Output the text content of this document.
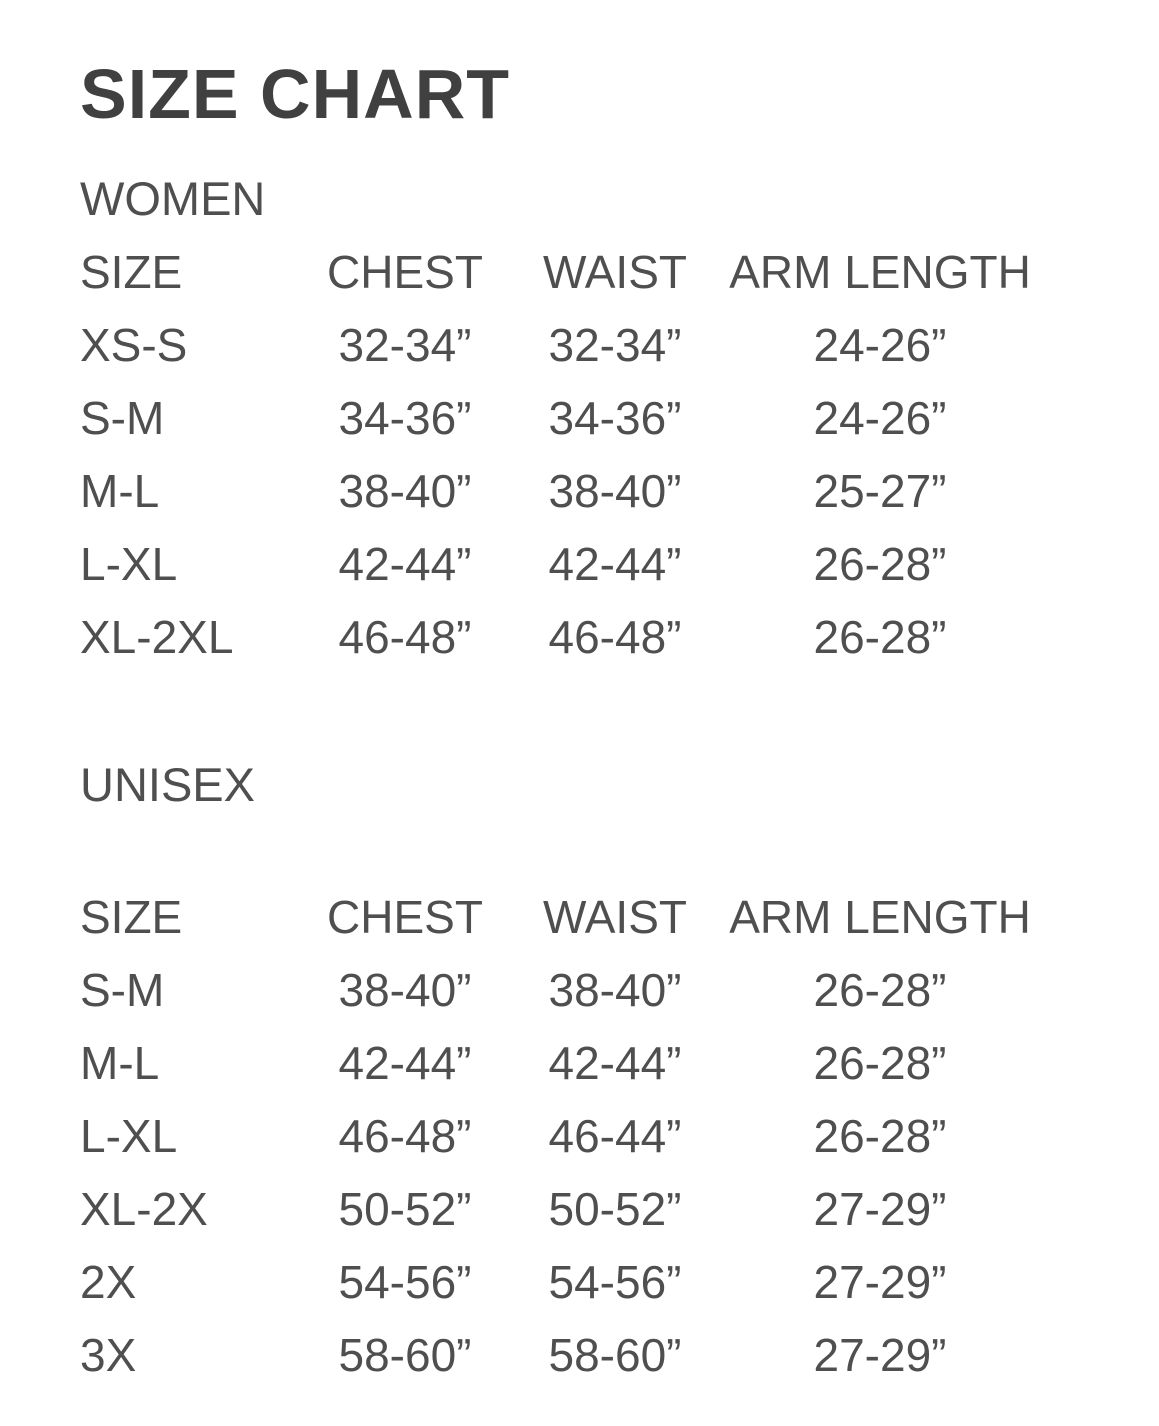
SIZE CHART
WOMEN
SIZE	CHEST	WAIST	ARM LENGTH
XS-S	32-34”	32-34”	24-26”
S-M	34-36”	34-36”	24-26”
M-L	38-40”	38-40”	25-27”
L-XL	42-44”	42-44”	26-28”
XL-2XL	46-48”	46-48”	26-28”
UNISEX
SIZE	CHEST	WAIST	ARM LENGTH
S-M	38-40”	38-40”	26-28”
M-L	42-44”	42-44”	26-28”
L-XL	46-48”	46-44”	26-28”
XL-2X	50-52”	50-52”	27-29”
2X	54-56”	54-56”	27-29”
3X	58-60”	58-60”	27-29”
